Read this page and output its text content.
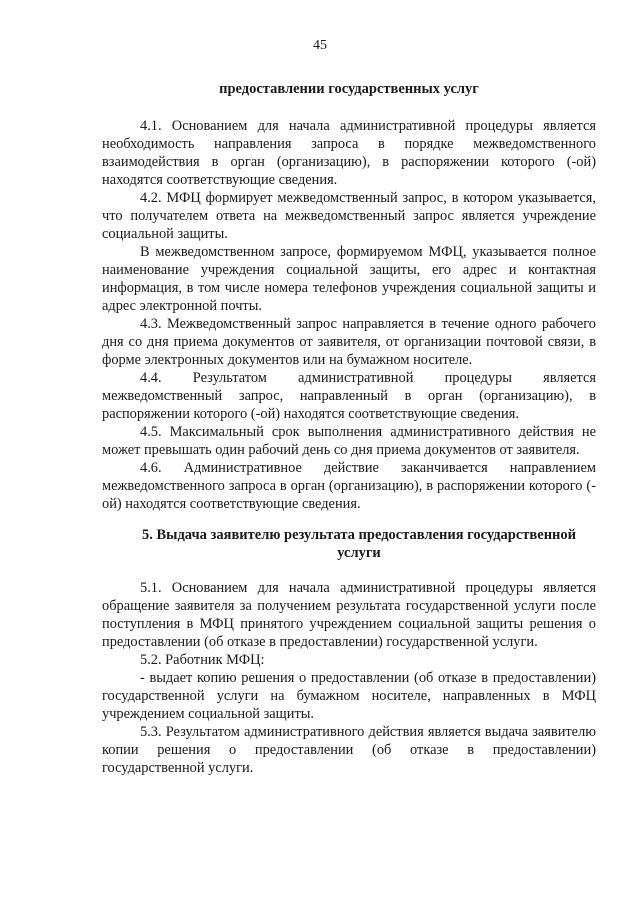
45
предоставлении государственных услуг

4.1. Основанием для начала административной процедуры является необходимость направления запроса в порядке межведомственного взаимодействия в орган (организацию), в распоряжении которого (-ой) находятся соответствующие сведения.

4.2. МФЦ формирует межведомственный запрос, в котором указывается, что получателем ответа на межведомственный запрос является учреждение социальной защиты.

В межведомственном запросе, формируемом МФЦ, указывается полное наименование учреждения социальной защиты, его адрес и контактная информация, в том числе номера телефонов учреждения социальной защиты и адрес электронной почты.

4.3. Межведомственный запрос направляется в течение одного рабочего дня со дня приема документов от заявителя, от организации почтовой связи, в форме электронных документов или на бумажном носителе.

4.4. Результатом административной процедуры является межведомственный запрос, направленный в орган (организацию), в распоряжении которого (-ой) находятся соответствующие сведения.

4.5. Максимальный срок выполнения административного действия не может превышать один рабочий день со дня приема документов от заявителя.

4.6. Административное действие заканчивается направлением межведомственного запроса в орган (организацию), в распоряжении которого (-ой) находятся соответствующие сведения.

5. Выдача заявителю результата предоставления государственной услуги

5.1. Основанием для начала административной процедуры является обращение заявителя за получением результата государственной услуги после поступления в МФЦ принятого учреждением социальной защиты решения о предоставлении (об отказе в предоставлении) государственной услуги.

5.2. Работник МФЦ:

- выдает копию решения о предоставлении (об отказе в предоставлении) государственной услуги на бумажном носителе, направленных в МФЦ учреждением социальной защиты.

5.3. Результатом административного действия является выдача заявителю копии решения о предоставлении (об отказе в предоставлении) государственной услуги.
